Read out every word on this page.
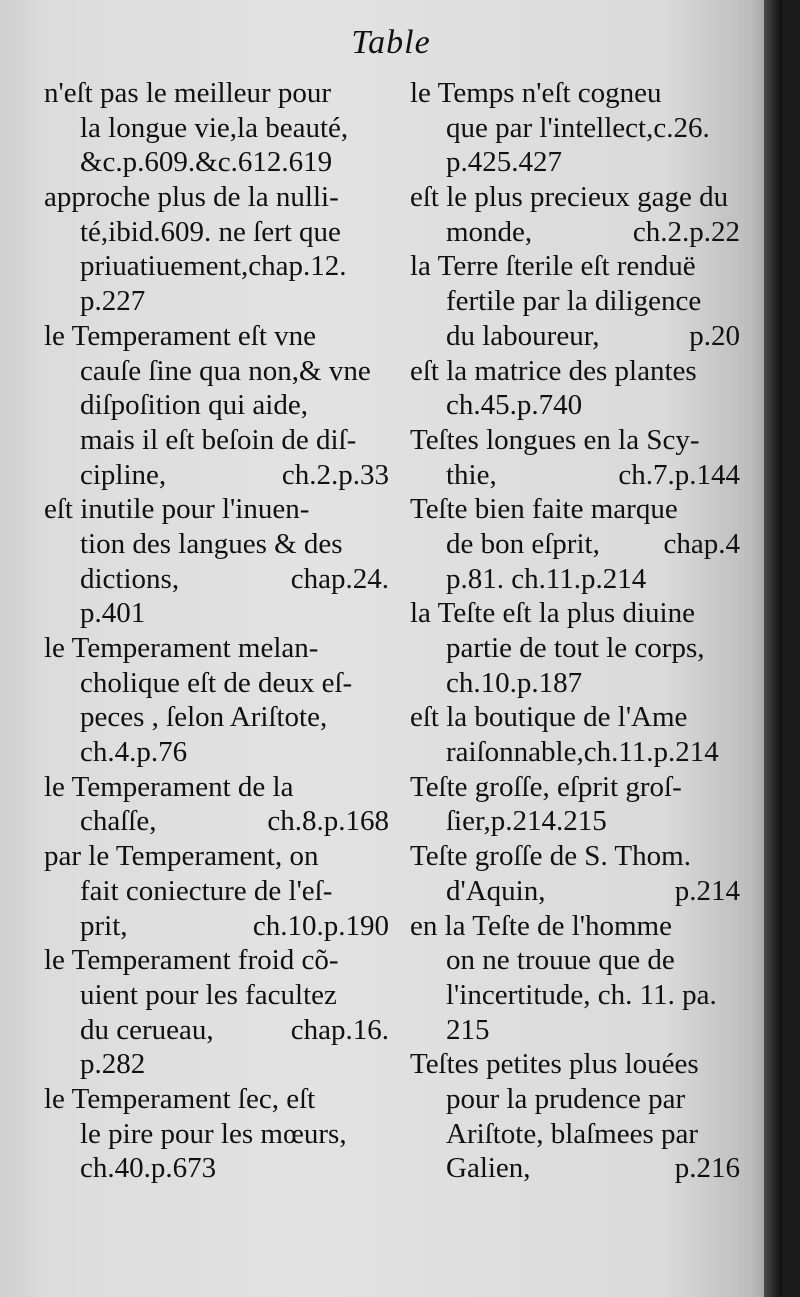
Table
n'eſt pas le meilleur pour
la longue vie,la beauté,
&c.p.609.&c.612.619
approche plus de la nulli-
té,ibid.609. ne ſert que
priuatiuement,chap.12.
p.227
le Temperament eſt vne
cauſe ſine qua non,& vne
diſpoſition qui aide,
mais il eſt beſoin de diſ-
cipline,	ch.2.p.33
eſt inutile pour l'inuen-
tion des langues & des
dictions,	chap.24.
p.401
le Temperament melan-
cholique eſt de deux eſ-
peces , ſelon Ariſtote,
ch.4.p.76
le Temperament de la
chaſſe,	ch.8.p.168
par le Temperament, on
fait coniecture de l'eſ-
prit,	ch.10.p.190
le Temperament froid cõ-
uient pour les facultez
du cerueau,	chap.16.
p.282
le Temperament ſec, eſt
le pire pour les mœurs,
ch.40.p.673
le Temps n'eſt cogneu
que par l'intellect,c.26.
p.425.427
eſt le plus precieux gage du
monde,	ch.2.p.22
la Terre ſterile eſt renduë
fertile par la diligence
du laboureur,	p.20
eſt la matrice des plantes
ch.45.p.740
Teſtes longues en la Scy-
thie,	ch.7.p.144
Teſte bien faite marque
de bon eſprit, chap.4
p.81. ch.11.p.214
la Teſte eſt la plus diuine
partie de tout le corps,
ch.10.p.187
eſt la boutique de l'Ame
raiſonnable,ch.11.p.214
Teſte groſſe, eſprit groſ-
ſier,p.214.215
Teſte groſſe de S. Thom.
d'Aquin,	p.214
en la Teſte de l'homme
on ne trouue que de
l'incertitude, ch. 11. pa.
215
Teſtes petites plus louées
pour la prudence par
Ariſtote, blaſmees par
Galien,	p.216
